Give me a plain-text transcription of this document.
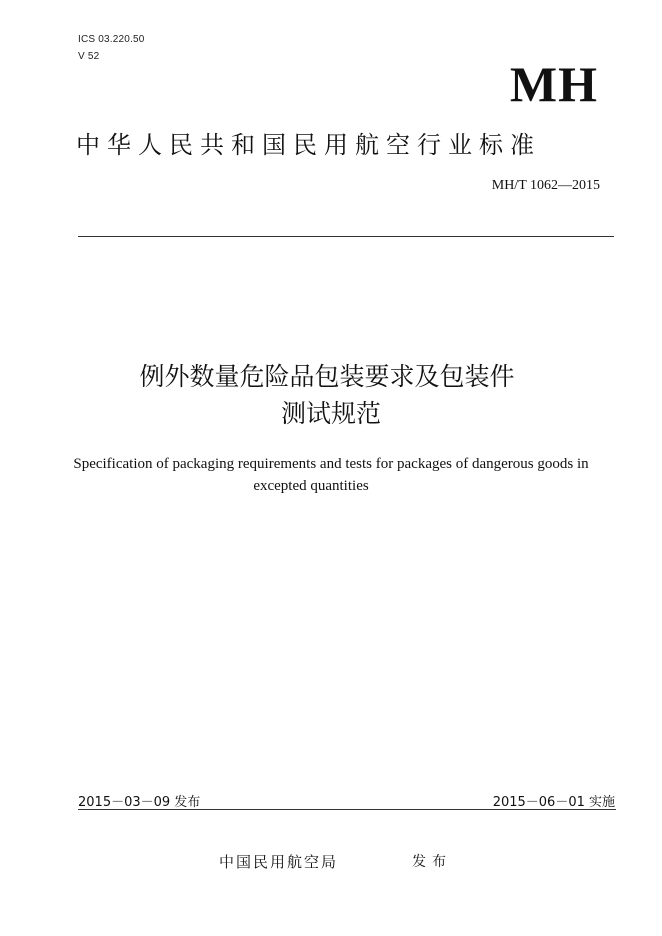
ICS 03.220.50
V 52	MH
中华人民共和国民用航空行业标准
MH/T 1062—2015
例外数量危险品包装要求及包装件
测试规范
Specification of packaging requirements and tests for packages of dangerous goods in
excepted quantities
2015－03－09 发布	2015－06－01 实施
中国民用航空局	发布
